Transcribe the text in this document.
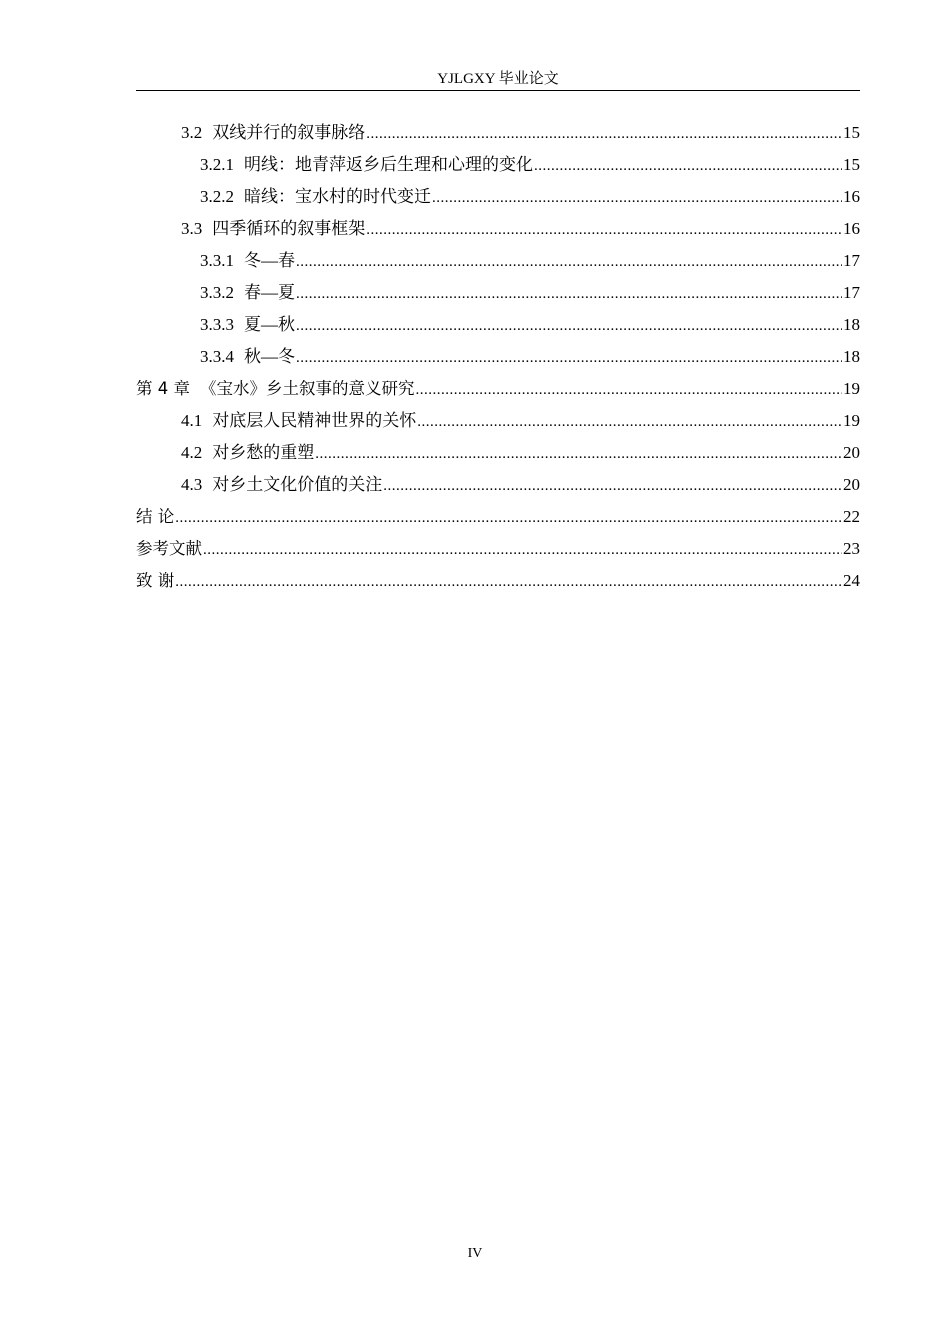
YJLGXY 毕业论文
3.2 双线并行的叙事脉络 .....	15
3.2.1 明线：地青萍返乡后生理和心理的变化 .....	15
3.2.2 暗线：宝水村的时代变迁 .....	16
3.3 四季循环的叙事框架 .....	16
3.3.1 冬—春 .....	17
3.3.2 春—夏 .....	17
3.3.3 夏—秋 .....	18
3.3.4 秋—冬 .....	18
第 4 章 《宝水》乡土叙事的意义研究 .....	19
4.1 对底层人民精神世界的关怀 .....	19
4.2 对乡愁的重塑 .....	20
4.3 对乡土文化价值的关注 .....	20
结 论 .....	22
参考文献 .....	23
致 谢 .....	24
IV
